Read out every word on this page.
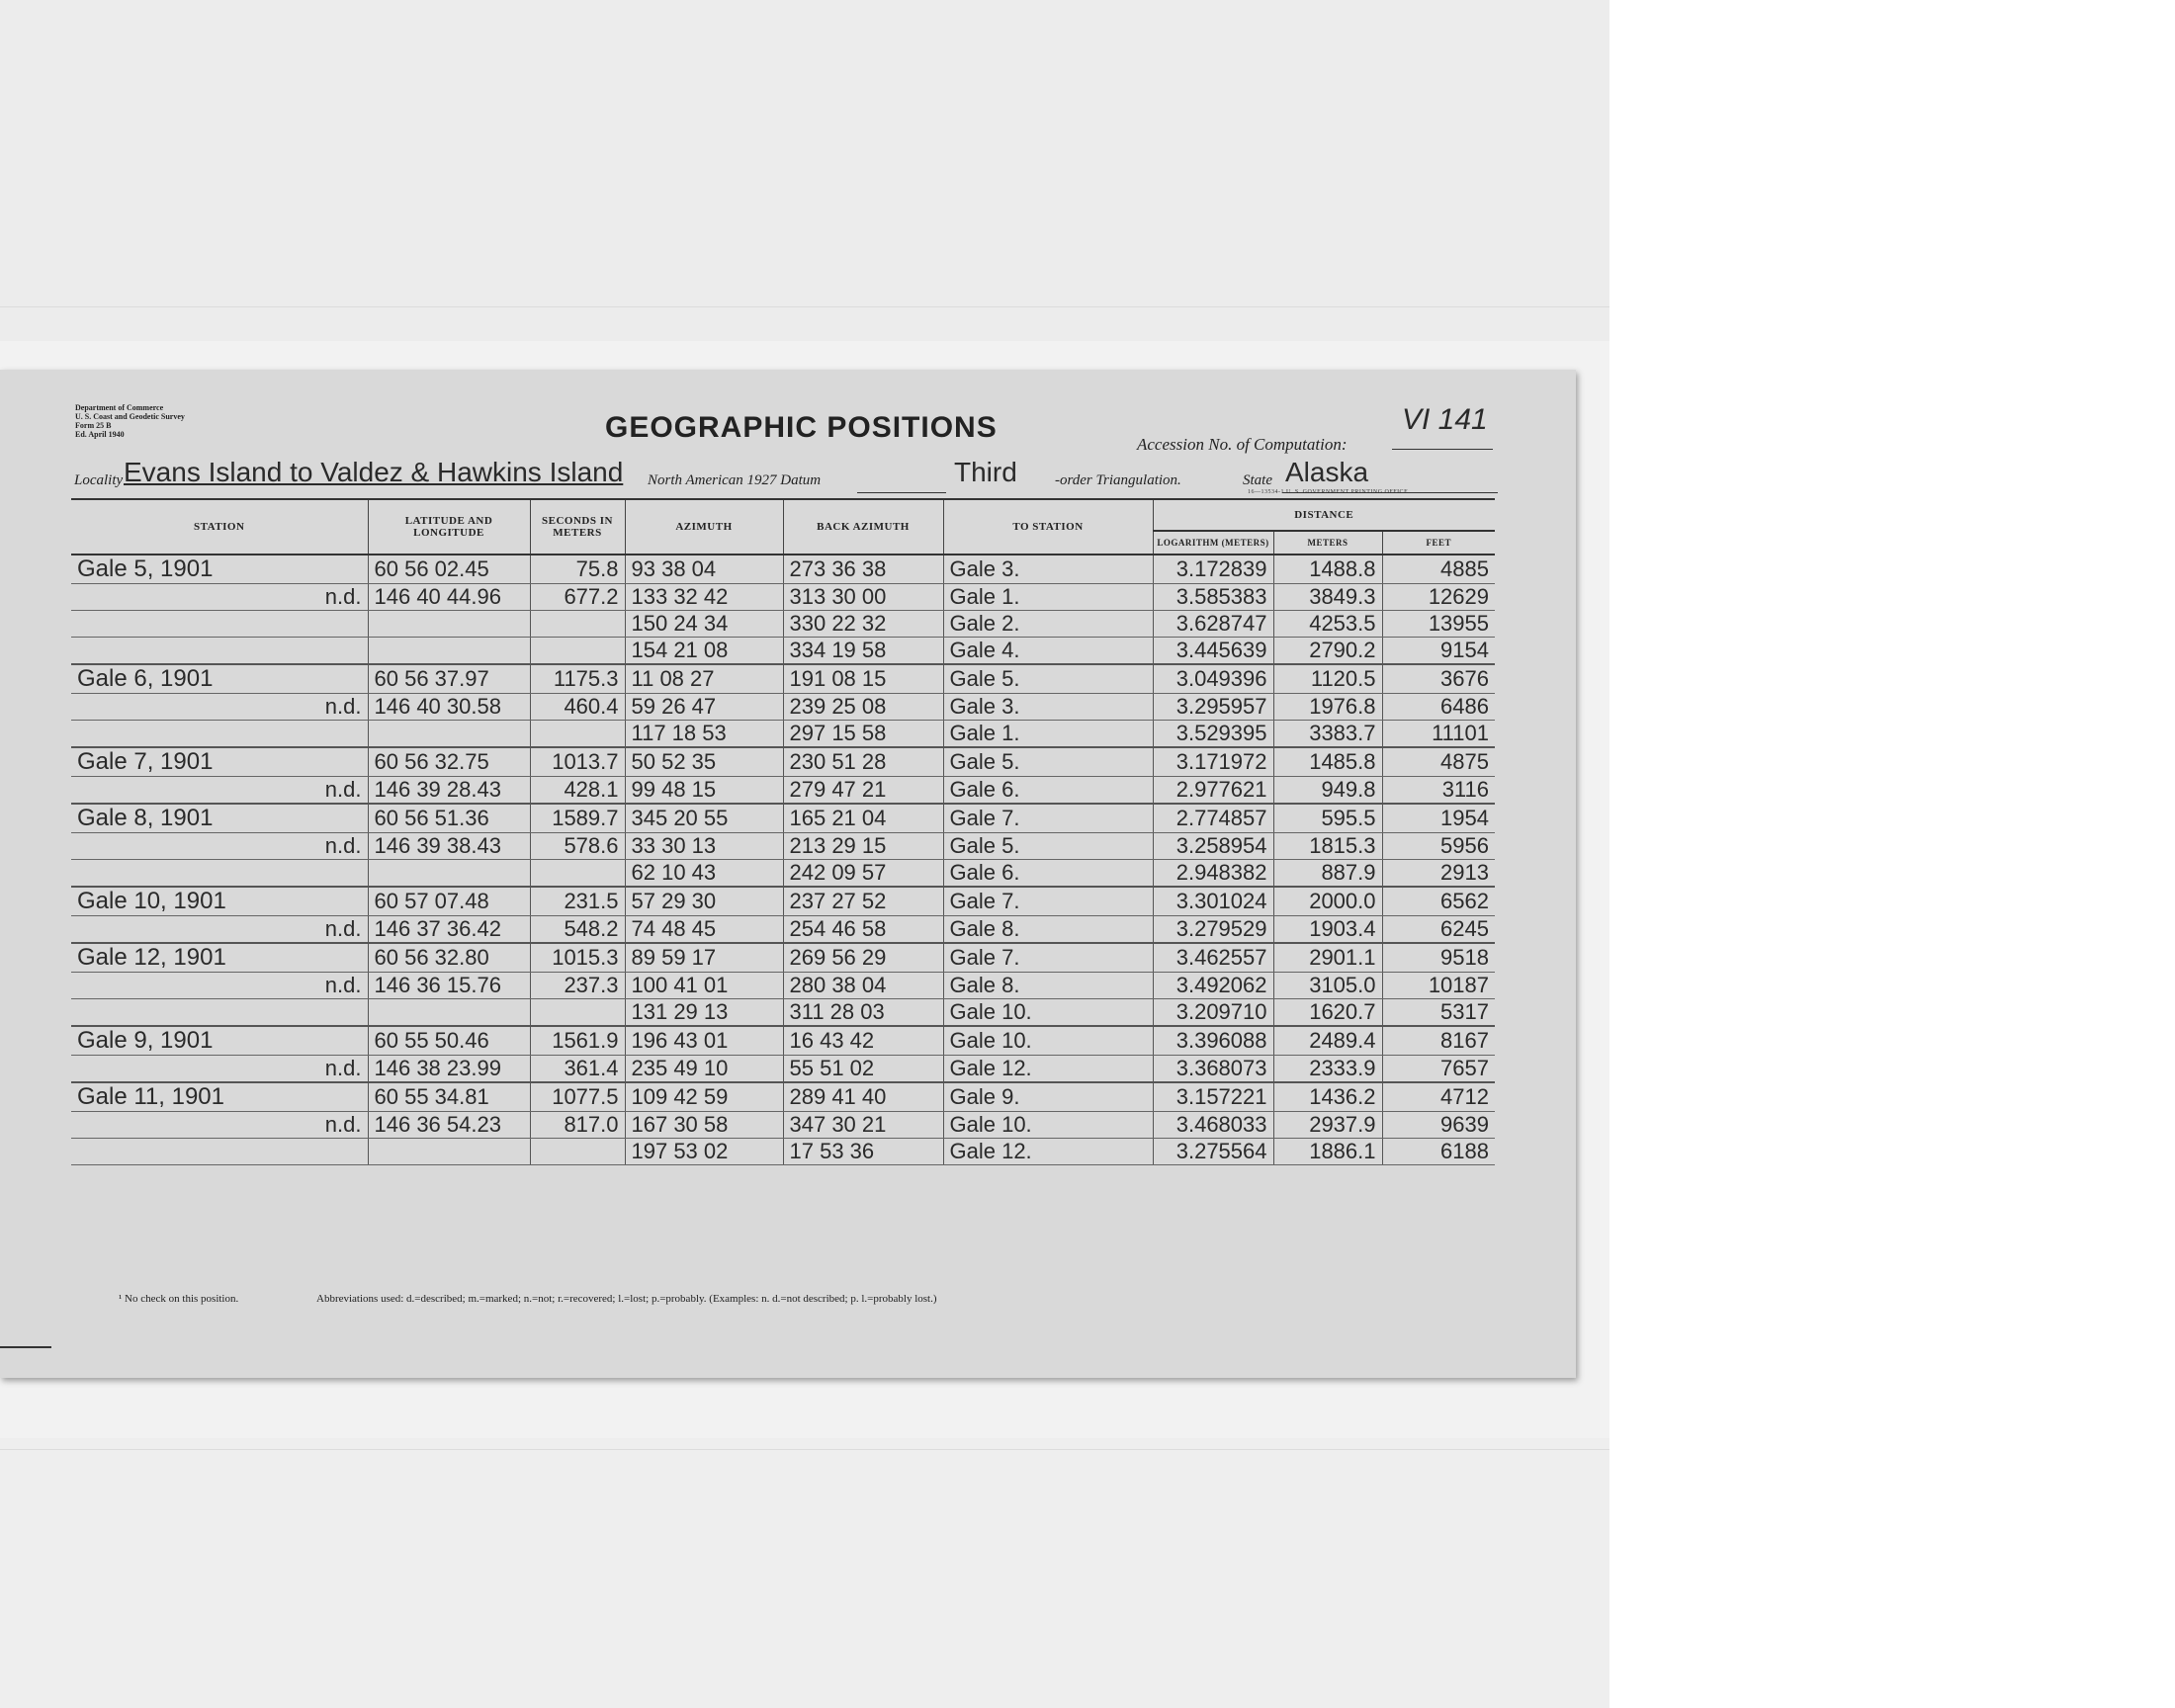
Department of Commerce
U. S. Coast and Geodetic Survey
Form 25 B
Ed. April 1940	GEOGRAPHIC POSITIONS
Accession No. of Computation:
VI 141
Locality Evans Island to Valdez & Hawkins Island North American 1927 Datum	Third	-order Triangulation.	State Alaska
16—13534-1 U. S. GOVERNMENT PRINTING OFFICE
STATION	LATITUDE AND LONGITUDE	SECONDS IN METERS	AZIMUTH	BACK AZIMUTH	TO STATION	DISTANCE		
						LOGARITHM (METERS)	METERS	FEET
Gale 5, 1901	60 56 02.45	75.8	93 38 04	273 36 38	Gale 3.	3.172839	1488.8	4885
n.d.	146 40 44.96	677.2	133 32 42	313 30 00	Gale 1.	3.585383	3849.3	12629
			150 24 34	330 22 32	Gale 2.	3.628747	4253.5	13955
			154 21 08	334 19 58	Gale 4.	3.445639	2790.2	9154
Gale 6, 1901	60 56 37.97	1175.3	11 08 27	191 08 15	Gale 5.	3.049396	1120.5	3676
n.d.	146 40 30.58	460.4	59 26 47	239 25 08	Gale 3.	3.295957	1976.8	6486
			117 18 53	297 15 58	Gale 1.	3.529395	3383.7	11101
Gale 7, 1901	60 56 32.75	1013.7	50 52 35	230 51 28	Gale 5.	3.171972	1485.8	4875
n.d.	146 39 28.43	428.1	99 48 15	279 47 21	Gale 6.	2.977621	949.8	3116
Gale 8, 1901	60 56 51.36	1589.7	345 20 55	165 21 04	Gale 7.	2.774857	595.5	1954
n.d.	146 39 38.43	578.6	33 30 13	213 29 15	Gale 5.	3.258954	1815.3	5956
			62 10 43	242 09 57	Gale 6.	2.948382	887.9	2913
Gale 10, 1901	60 57 07.48	231.5	57 29 30	237 27 52	Gale 7.	3.301024	2000.0	6562
n.d.	146 37 36.42	548.2	74 48 45	254 46 58	Gale 8.	3.279529	1903.4	6245
Gale 12, 1901	60 56 32.80	1015.3	89 59 17	269 56 29	Gale 7.	3.462557	2901.1	9518
n.d.	146 36 15.76	237.3	100 41 01	280 38 04	Gale 8.	3.492062	3105.0	10187
			131 29 13	311 28 03	Gale 10.	3.209710	1620.7	5317
Gale 9, 1901	60 55 50.46	1561.9	196 43 01	16 43 42	Gale 10.	3.396088	2489.4	8167
n.d.	146 38 23.99	361.4	235 49 10	55 51 02	Gale 12.	3.368073	2333.9	7657
Gale 11, 1901	60 55 34.81	1077.5	109 42 59	289 41 40	Gale 9.	3.157221	1436.2	4712
n.d.	146 36 54.23	817.0	167 30 58	347 30 21	Gale 10.	3.468033	2937.9	9639
			197 53 02	17 53 36	Gale 12.	3.275564	1886.1	6188
¹ No check on this position.	Abbreviations used: d.=described; m.=marked; n.=not; r.=recovered; l.=lost; p.=probably. (Examples: n. d.=not described; p. l.=probably lost.)
